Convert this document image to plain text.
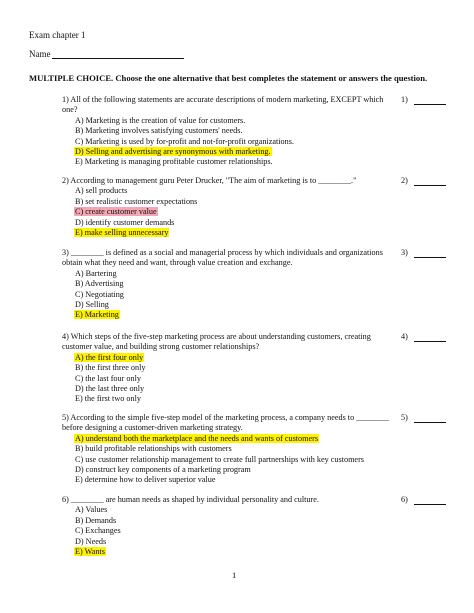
Exam chapter 1
Name
MULTIPLE CHOICE. Choose the one alternative that best completes the statement or answers the question.
1) All of the following statements are accurate descriptions of modern marketing, EXCEPT which one?
A) Marketing is the creation of value for customers.
B) Marketing involves satisfying customers' needs.
C) Marketing is used by for-profit and not-for-profit organizations.
D) Selling and advertising are synonymous with marketing.
E) Marketing is managing profitable customer relationships.
1)
2) According to management guru Peter Drucker, "The aim of marketing is to ________."
A) sell products
B) set realistic customer expectations
C) create customer value
D) identify customer demands
E) make selling unnecessary
2)
3) ________ is defined as a social and managerial process by which individuals and organizations obtain what they need and want, through value creation and exchange.
A) Bartering
B) Advertising
C) Negotiating
D) Selling
E) Marketing
3)
4) Which steps of the five-step marketing process are about understanding customers, creating customer value, and building strong customer relationships?
A) the first four only
B) the first three only
C) the last four only
D) the last three only
E) the first two only
4)
5) According to the simple five-step model of the marketing process, a company needs to ________ before designing a customer-driven marketing strategy.
A) understand both the marketplace and the needs and wants of customers
B) build profitable relationships with customers
C) use customer relationship management to create full partnerships with key customers
D) construct key components of a marketing program
E) determine how to deliver superior value
5)
6) ________ are human needs as shaped by individual personality and culture.
A) Values
B) Demands
C) Exchanges
D) Needs
E) Wants
6)
1
